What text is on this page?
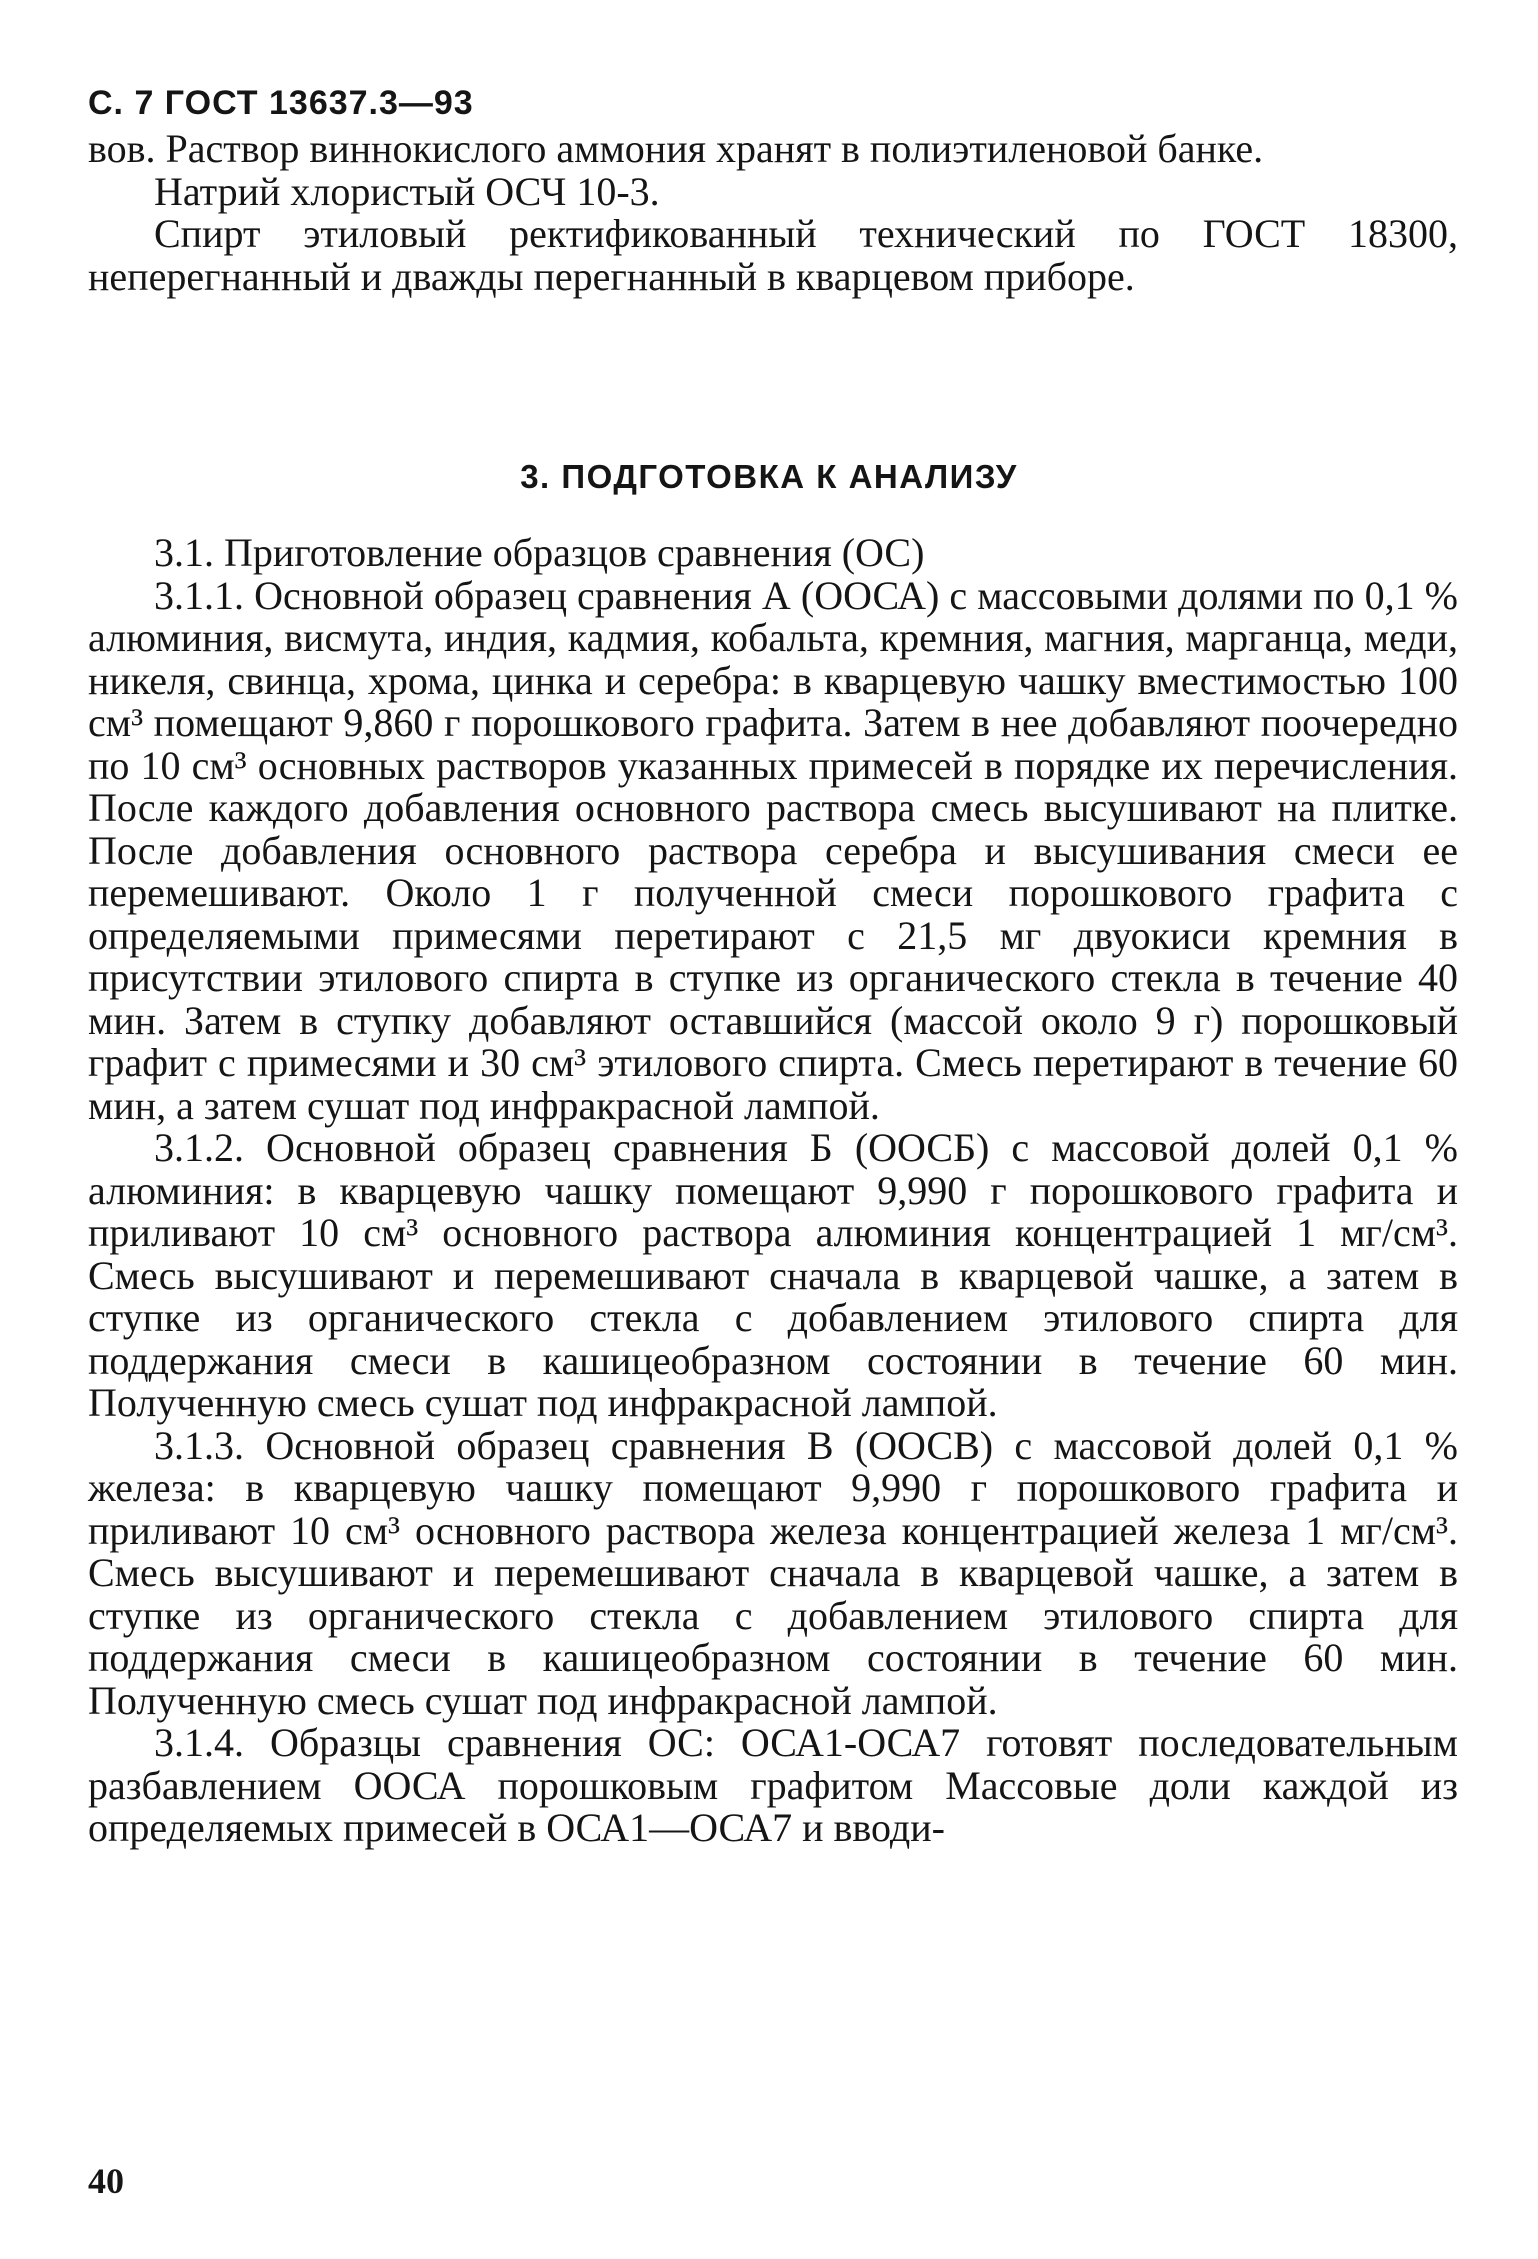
С. 7 ГОСТ 13637.3—93

вов. Раствор виннокислого аммония хранят в полиэтиленовой банке.

Натрий хлористый ОСЧ 10-3.

Спирт этиловый ректификованный технический по ГОСТ 18300, неперегнанный и дважды перегнанный в кварцевом приборе.

3. ПОДГОТОВКА К АНАЛИЗУ

3.1. Приготовление образцов сравнения (ОС)

3.1.1. Основной образец сравнения А (ООСА) с массовыми долями по 0,1 % алюминия, висмута, индия, кадмия, кобальта, кремния, магния, марганца, меди, никеля, свинца, хрома, цинка и серебра: в кварцевую чашку вместимостью 100 см³ помещают 9,860 г порошкового графита. Затем в нее добавляют поочередно по 10 см³ основных растворов указанных примесей в порядке их перечисления. После каждого добавления основного раствора смесь высушивают на плитке. После добавления основного раствора серебра и высушивания смеси ее перемешивают. Около 1 г полученной смеси порошкового графита с определяемыми примесями перетирают с 21,5 мг двуокиси кремния в присутствии этилового спирта в ступке из органического стекла в течение 40 мин. Затем в ступку добавляют оставшийся (массой около 9 г) порошковый графит с примесями и 30 см³ этилового спирта. Смесь перетирают в течение 60 мин, а затем сушат под инфракрасной лампой.

3.1.2. Основной образец сравнения Б (ООСБ) с массовой долей 0,1 % алюминия: в кварцевую чашку помещают 9,990 г порошкового графита и приливают 10 см³ основного раствора алюминия концентрацией 1 мг/см³. Смесь высушивают и перемешивают сначала в кварцевой чашке, а затем в ступке из органического стекла с добавлением этилового спирта для поддержания смеси в кашицеобразном состоянии в течение 60 мин. Полученную смесь сушат под инфракрасной лампой.

3.1.3. Основной образец сравнения В (ООСВ) с массовой долей 0,1 % железа: в кварцевую чашку помещают 9,990 г порошкового графита и приливают 10 см³ основного раствора железа концентрацией железа 1 мг/см³. Смесь высушивают и перемешивают сначала в кварцевой чашке, а затем в ступке из органического стекла с добавлением этилового спирта для поддержания смеси в кашицеобразном состоянии в течение 60 мин. Полученную смесь сушат под инфракрасной лампой.

3.1.4. Образцы сравнения ОС: ОСА1-ОСА7 готовят последовательным разбавлением ООСА порошковым графитом Массовые доли каждой из определяемых примесей в ОСА1—ОСА7 и вводи-

40
